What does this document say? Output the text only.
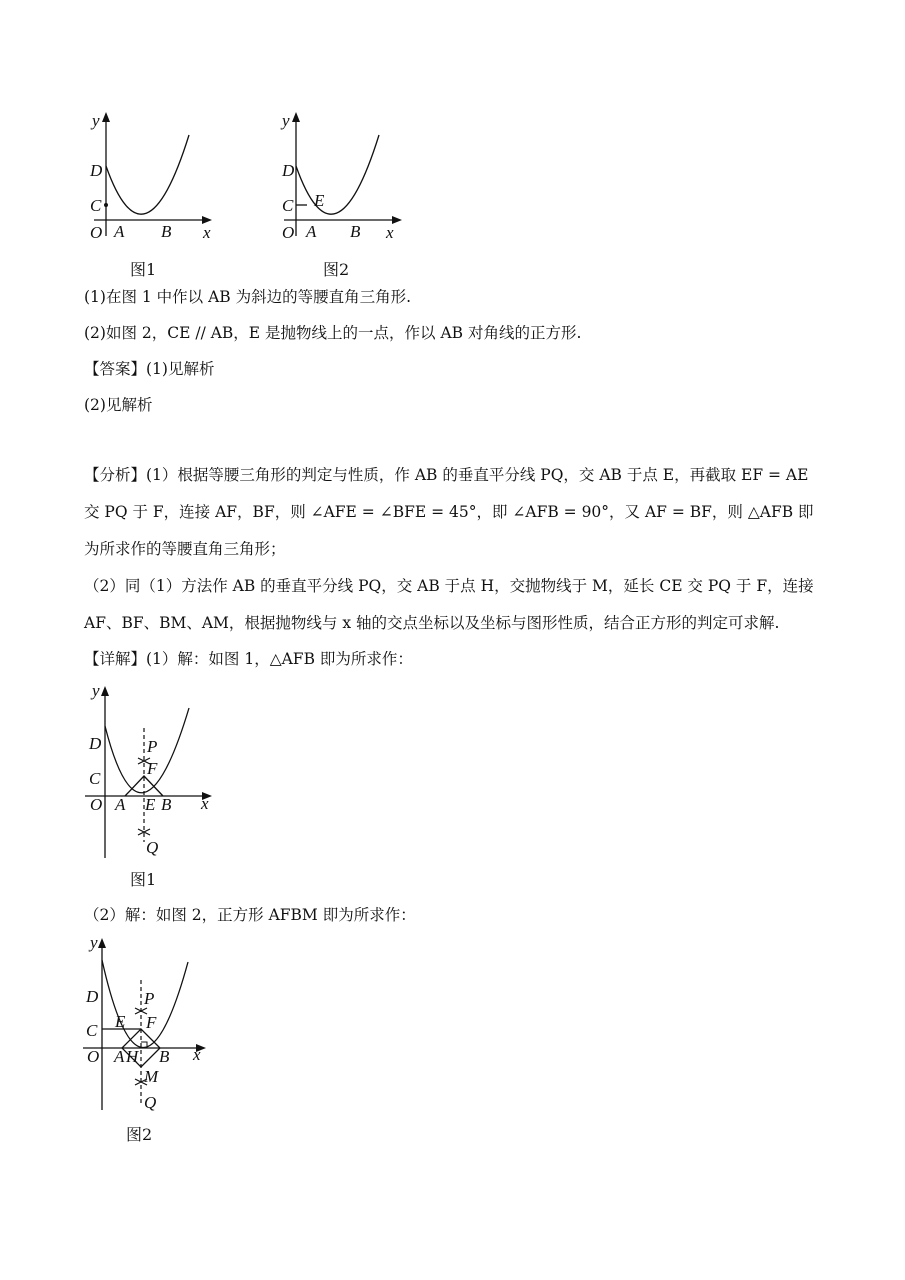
y
x
O
D
C
A B
图1
y
x
O
D
C E
A B
图2
(1)在图 1 中作以 AB 为斜边的等腰直角三角形.
(2)如图 2，CE // AB，E 是抛物线上的一点，作以 AB 对角线的正方形.
【答案】(1)见解析
(2)见解析
【分析】(1）根据等腰三角形的判定与性质，作 AB 的垂直平分线 PQ，交 AB 于点 E，再截取 EF = AE 交 PQ 于 F，连接 AF，BF，则 ∠AFE = ∠BFE = 45°，即 ∠AFB = 90°，又 AF = BF，则 △AFB 即为所求作的等腰直角三角形；
（2）同（1）方法作 AB 的垂直平分线 PQ，交 AB 于点 H，交抛物线于 M，延长 CE 交 PQ 于 F，连接 AF、BF、BM、AM，根据抛物线与 x 轴的交点坐标以及坐标与图形性质，结合正方形的判定可求解.
【详解】(1）解：如图 1，△AFB 即为所求作：
y
x
O
D
C
A E B
F
P
Q
图1
（2）解：如图 2，正方形 AFBM 即为所求作：
y
x
O
D
C E
A H B
F
P
M
Q
图2
